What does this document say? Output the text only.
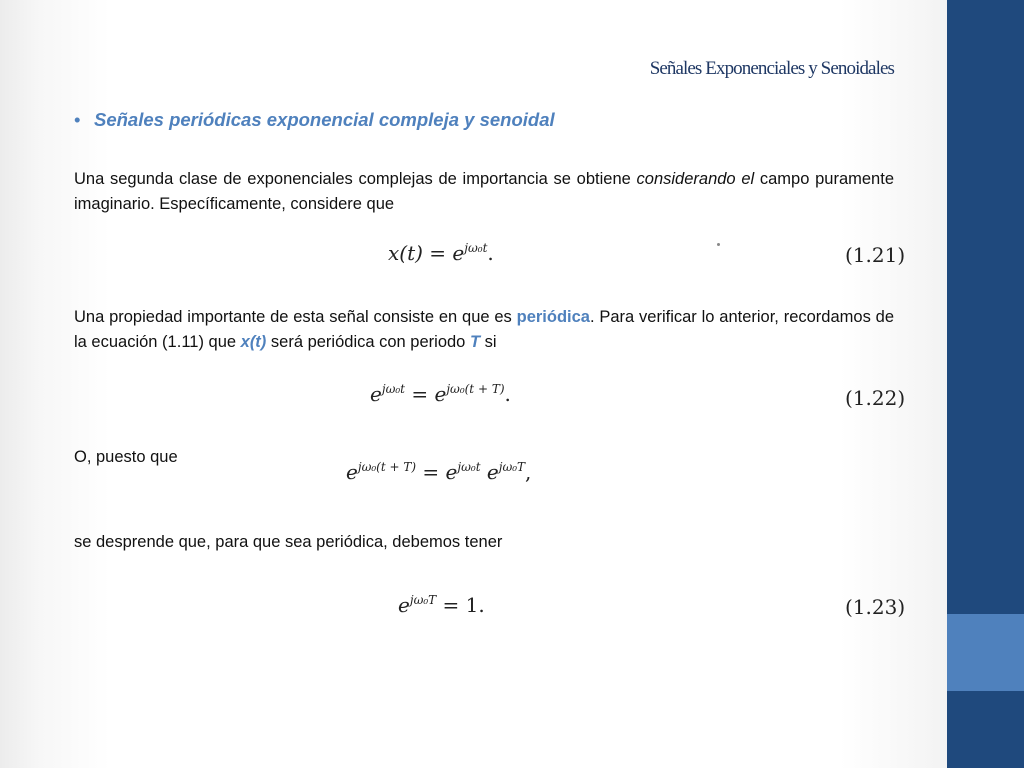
Señales Exponenciales y Senoidales
• Señales periódicas exponencial compleja y senoidal
Una segunda clase de exponenciales complejas de importancia se obtiene considerando el campo puramente imaginario. Específicamente, considere que
$x(t) = e^{j\omega_0t}$.	(1.21)
Una propiedad importante de esta señal consiste en que es periódica. Para verificar lo anterior, recordamos de la ecuación (1.11) que x(t) será periódica con periodo T si
$e^{j\omega_0t} = e^{j\omega_0(t + T)}$.	(1.22)
O, puesto que
$e^{j\omega_0(t + T)} = e^{j\omega_0t}$ $e^{j\omega_0T}$,
se desprende que, para que sea periódica, debemos tener
$e^{j\omega_0T} = 1$.	(1.23)
